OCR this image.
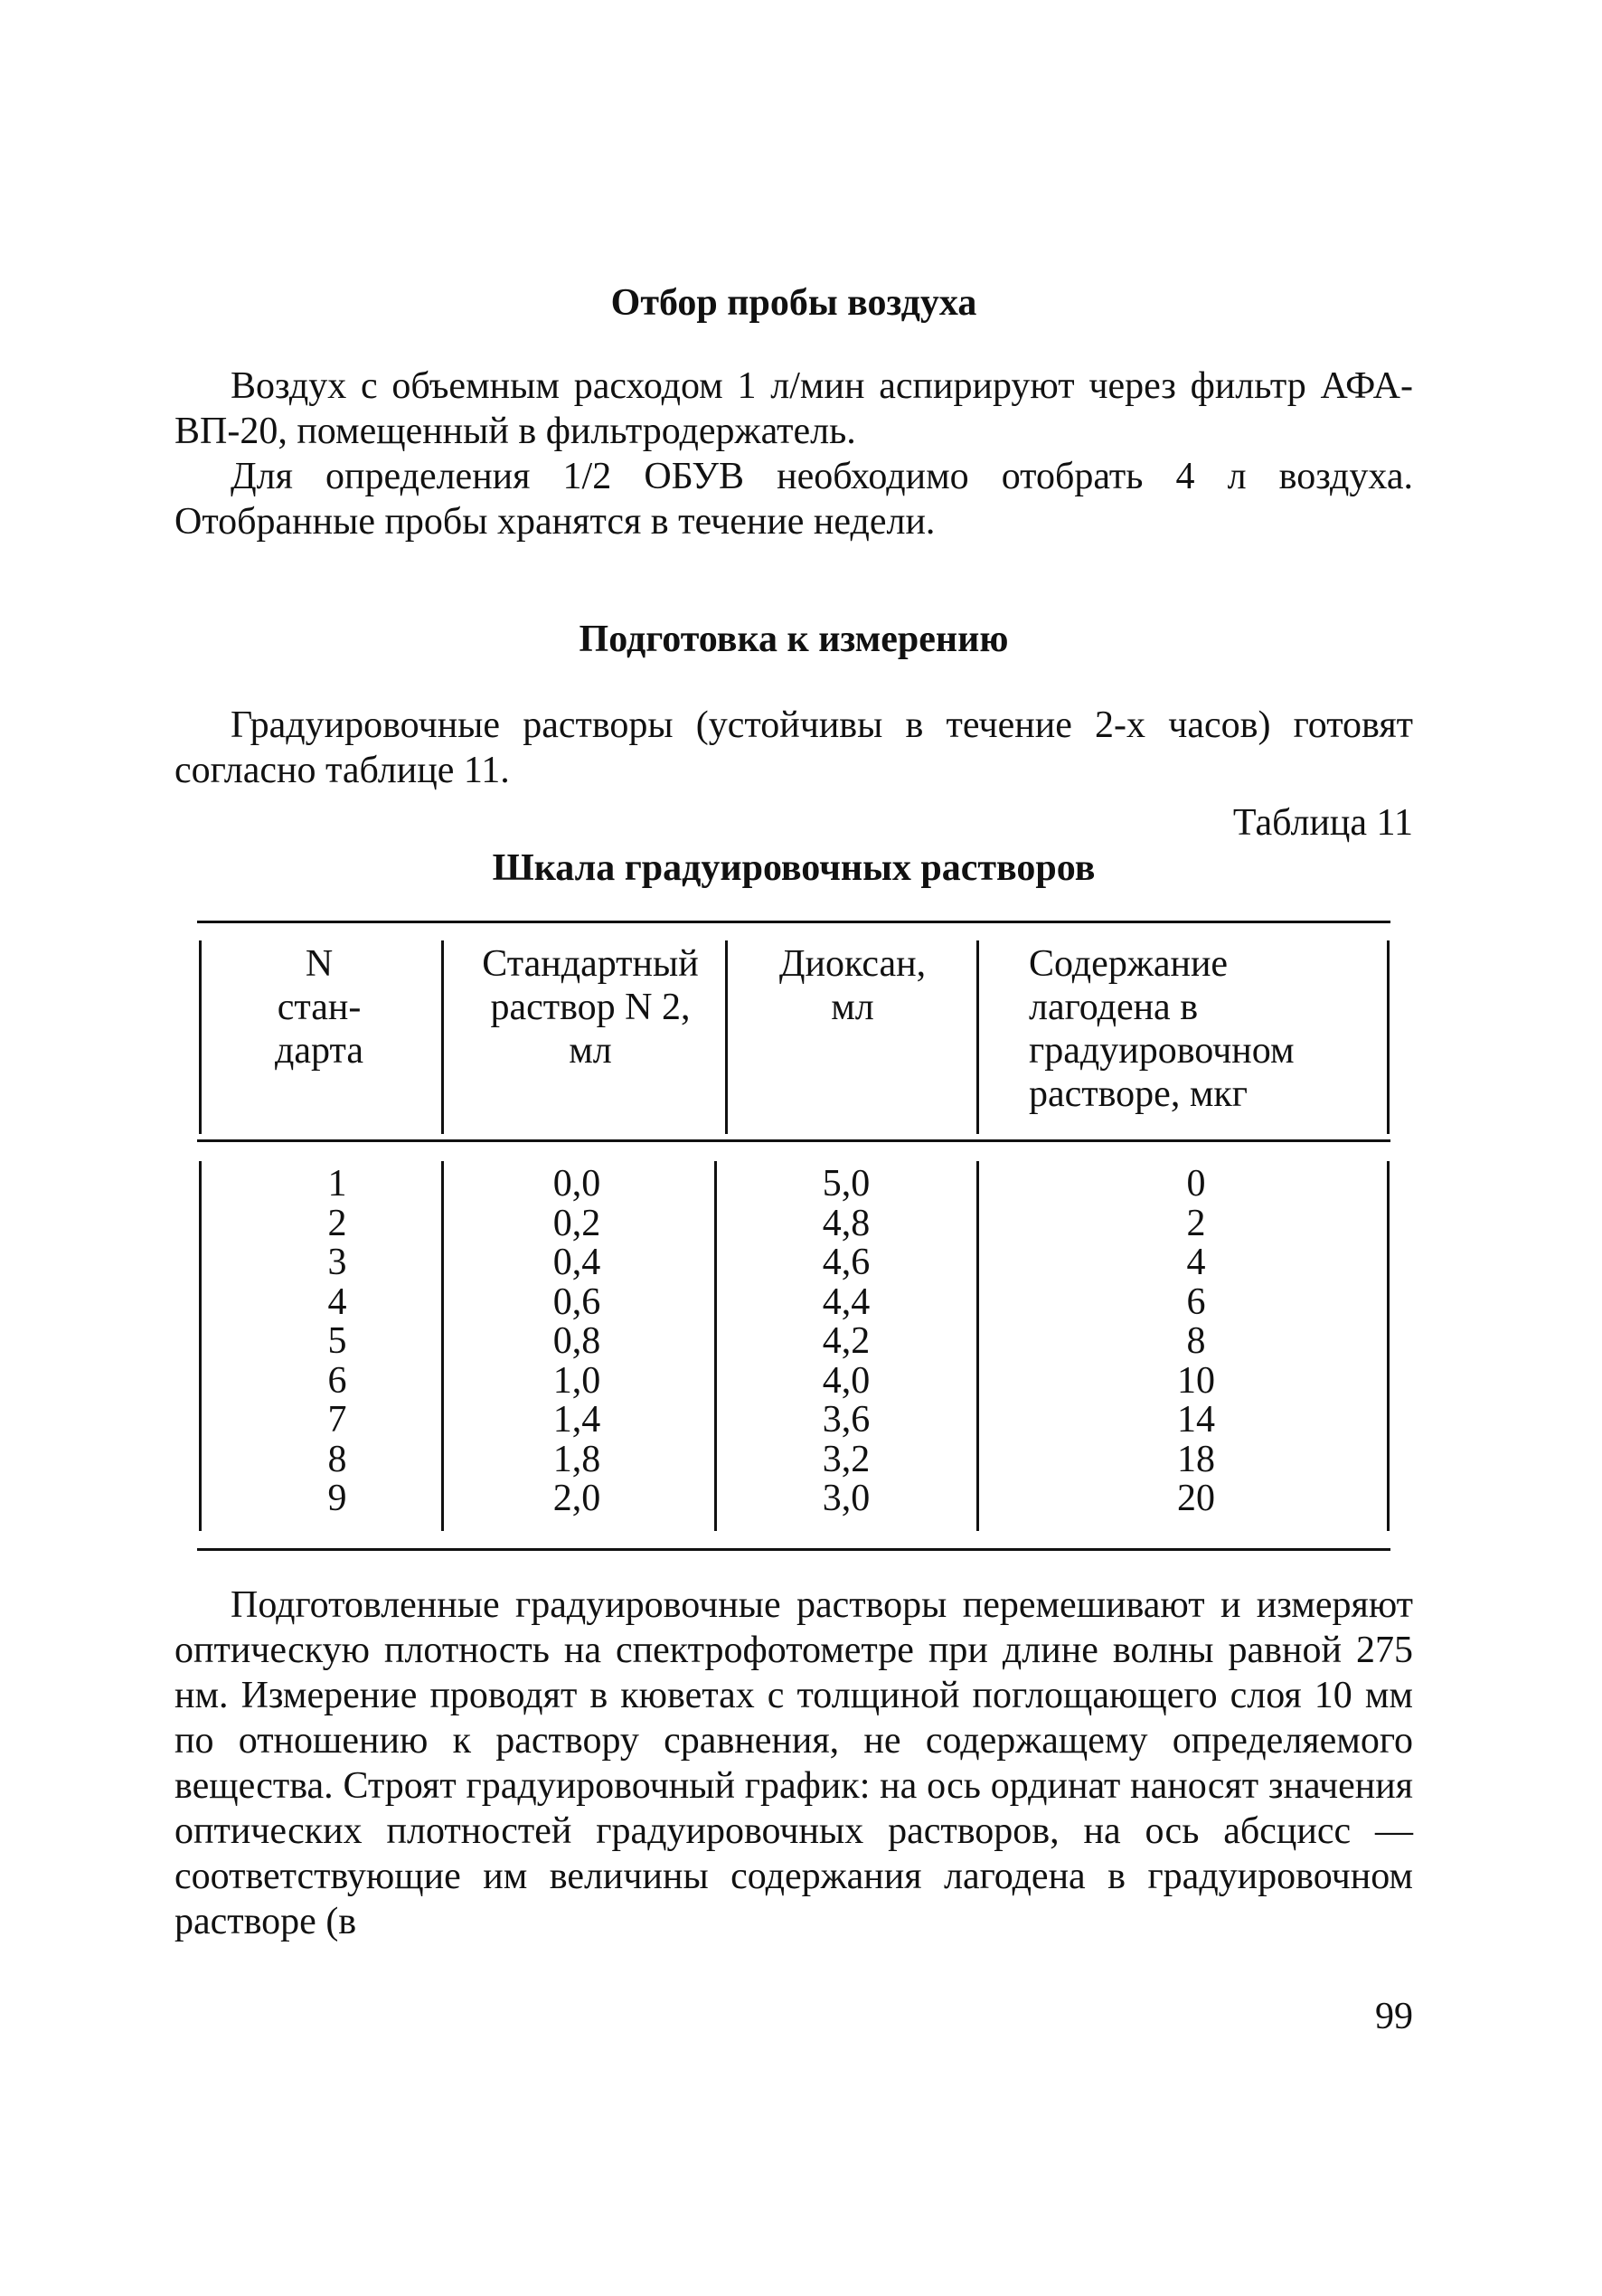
Отбор пробы воздуха

Воздух с объемным расходом 1 л/мин аспирируют через фильтр АФА-ВП-20, помещенный в фильтродержатель.

Для определения 1/2 ОБУВ необходимо отобрать 4 л воздуха. Отобранные пробы хранятся в течение недели.

Подготовка к измерению

Градуировочные растворы (устойчивы в течение 2-х часов) готовят согласно таблице 11.

Таблица 11
Шкала градуировочных растворов
N
стан-
дарта
Стандартный
раствор N 2,
мл
Диоксан,
мл
Содержание
лагодена в
градуировочном
растворе, мкг
1
2
3
4
5
6
7
8
9
0,0
0,2
0,4
0,6
0,8
1,0
1,4
1,8
2,0
5,0
4,8
4,6
4,4
4,2
4,0
3,6
3,2
3,0
0
2
4
6
8
10
14
18
20

Подготовленные градуировочные растворы перемешивают и измеряют оптическую плотность на спектрофотометре при длине волны равной 275 нм. Измерение проводят в кюветах с толщиной поглощающего слоя 10 мм по отношению к раствору сравнения, не содержащему определяемого вещества. Строят градуировочный график: на ось ординат наносят значения оптических плотностей градуировочных растворов, на ось абсцисс — соответствующие им величины содержания лагодена в градуировочном растворе (в

99
